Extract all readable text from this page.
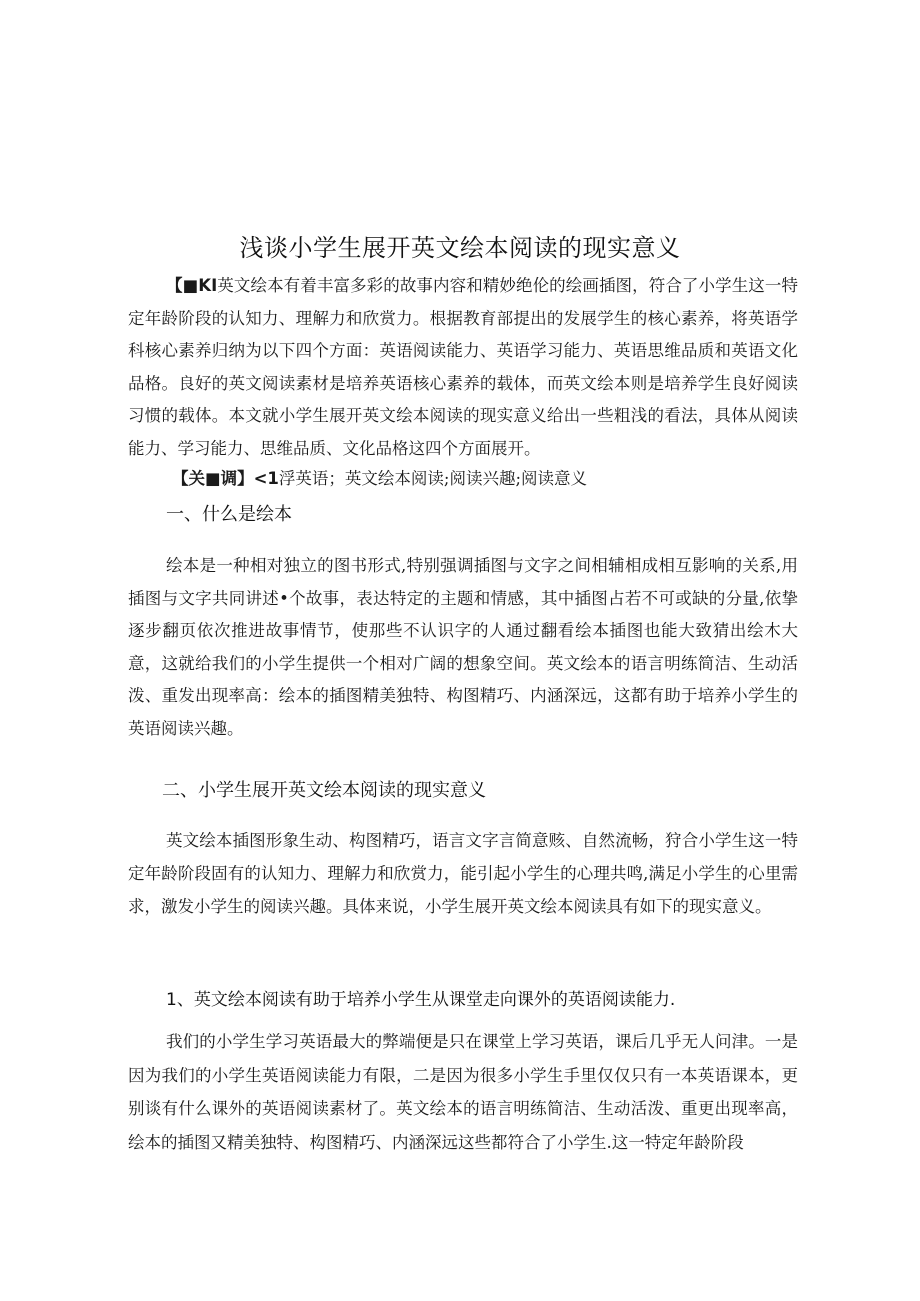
浅谈小学生展开英文绘本阅读的现实意义

【■KI英文绘本有着丰富多彩的故事内容和精妙绝伦的绘画插图，符合了小学生这一特定年龄阶段的认知力、理解力和欣赏力。根据教育部提出的发展学生的核心素养，将英语学科核心素养归纳为以下四个方面：英语阅读能力、英语学习能力、英语思维品质和英语文化品格。良好的英文阅读素材是培养英语核心素养的载体，而英文绘本则是培养学生良好阅读习惯的载体。本文就小学生展开英文绘本阅读的现实意义给出一些粗浅的看法，具体从阅读能力、学习能力、思维品质、文化品格这四个方面展开。

【关■调】<1浮英语；英文绘本阅读;阅读兴趣;阅读意义

一、什么是绘本

绘本是一种相对独立的图书形式,特别强调插图与文字之间相辅相成相互影响的关系,用插图与文字共同讲述•个故事，表达特定的主题和情感，其中插图占若不可或缺的分量,依挚逐步翻页依次推进故事情节，使那些不认识字的人通过翻看绘本插图也能大致猜出绘木大意，这就给我们的小学生提供一个相对广阔的想象空间。英文绘本的语言明练简洁、生动活泼、重发出现率高：绘本的插图精美独特、构图精巧、内涵深远，这都有助于培养小学生的英语阅读兴趣。

二、小学生展开英文绘本阅读的现实意义

英文绘本插图形象生动、构图精巧，语言文字言简意赅、自然流畅，狩合小学生这一特定年龄阶段固有的认知力、理解力和欣赏力，能引起小学生的心理共鸣,满足小学生的心里需求，激发小学生的阅读兴趣。具体来说，小学生展开英文绘本阅读具有如下的现实意义。

1、英文绘本阅读有助于培养小学生从课堂走向课外的英语阅读能力.

我们的小学生学习英语最大的弊端便是只在课堂上学习英语，课后几乎无人问津。一是因为我们的小学生英语阅读能力有限，二是因为很多小学生手里仅仅只有一本英语课本，更别谈有什么课外的英语阅读素材了。英文绘本的语言明练简洁、生动活泼、重更出现率高，绘本的插图又精美独特、构图精巧、内涵深远这些都符合了小学生.这一特定年龄阶段
